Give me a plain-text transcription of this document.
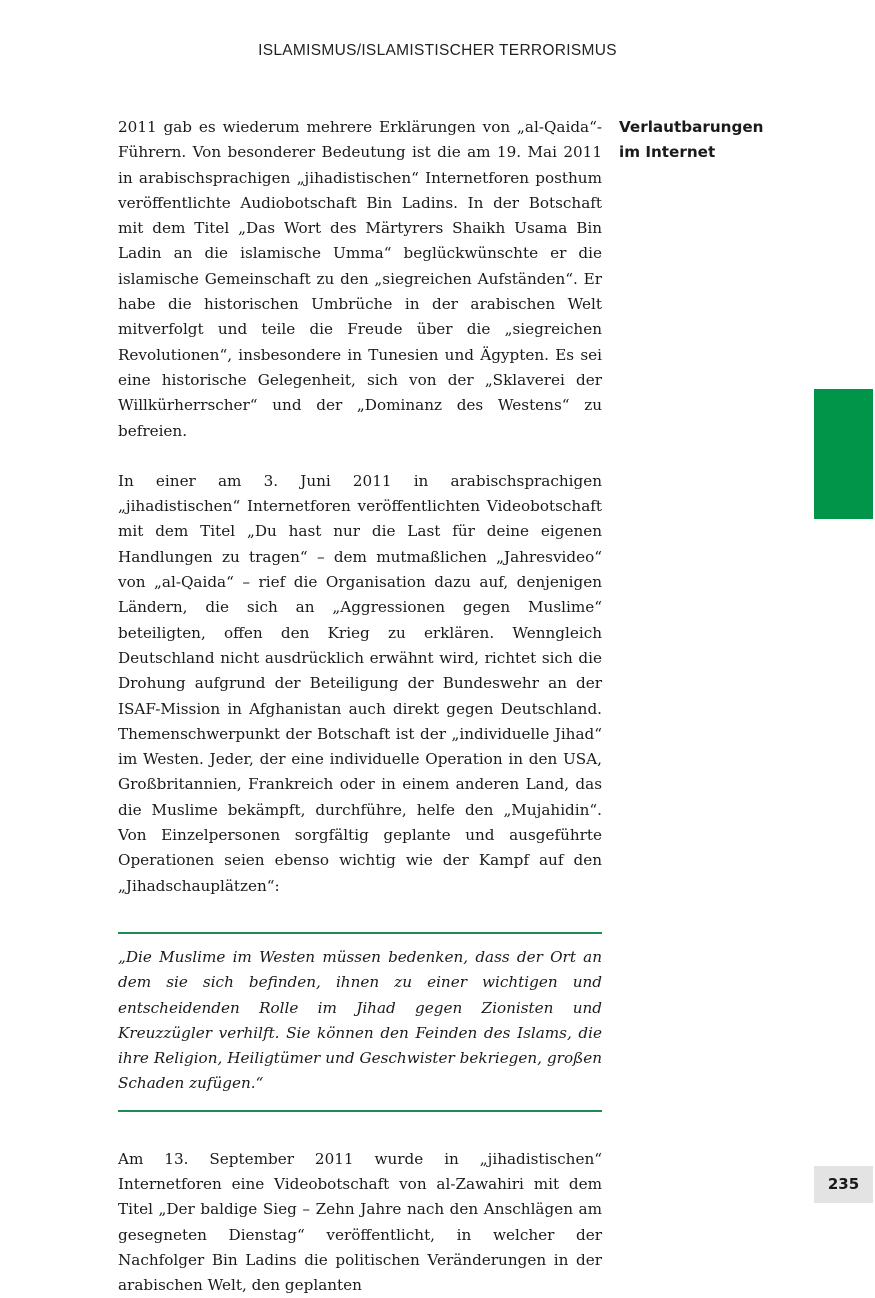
ISLAMISMUS/ISLAMISTISCHER TERRORISMUS

2011 gab es wiederum mehrere Erklärungen von „al-Qaida“-Führern. Von besonderer Bedeutung ist die am 19. Mai 2011 in arabischsprachigen „jihadistischen“ Internetforen posthum veröffentlichte Audiobotschaft Bin Ladins. In der Botschaft mit dem Titel „Das Wort des Märtyrers Shaikh Usama Bin Ladin an die islamische Umma“ beglückwünschte er die islamische Gemeinschaft zu den „siegreichen Aufständen“. Er habe die historischen Umbrüche in der arabischen Welt mitverfolgt und teile die Freude über die „siegreichen Revolutionen“, insbesondere in Tunesien und Ägypten. Es sei eine historische Gelegenheit, sich von der „Sklaverei der Willkürherrscher“ und der „Dominanz des Westens“ zu befreien.

In einer am 3. Juni 2011 in arabischsprachigen „jihadistischen“ Internetforen veröffentlichten Videobotschaft mit dem Titel „Du hast nur die Last für deine eigenen Handlungen zu tragen“ – dem mutmaßlichen „Jahresvideo“ von „al-Qaida“ – rief die Organisation dazu auf, denjenigen Ländern, die sich an „Aggressionen gegen Muslime“ beteiligten, offen den Krieg zu erklären. Wenngleich Deutschland nicht ausdrücklich erwähnt wird, richtet sich die Drohung aufgrund der Beteiligung der Bundeswehr an der ISAF-Mission in Afghanistan auch direkt gegen Deutschland. Themenschwerpunkt der Botschaft ist der „individuelle Jihad“ im Westen. Jeder, der eine individuelle Operation in den USA, Großbritannien, Frankreich oder in einem anderen Land, das die Muslime bekämpft, durchführe, helfe den „Mujahidin“. Von Einzelpersonen sorgfältig geplante und ausgeführte Operationen seien ebenso wichtig wie der Kampf auf den „Jihadschauplätzen“:

„Die Muslime im Westen müssen bedenken, dass der Ort an dem sie sich befinden, ihnen zu einer wichtigen und entscheidenden Rolle im Jihad gegen Zionisten und Kreuzzügler verhilft. Sie können den Feinden des Islams, die ihre Religion, Heiligtümer und Geschwister bekriegen, großen Schaden zufügen.“

Am 13. September 2011 wurde in „jihadistischen“ Internetforen eine Videobotschaft von al-Zawahiri mit dem Titel „Der baldige Sieg – Zehn Jahre nach den Anschlägen am gesegneten Dienstag“ veröffentlicht, in welcher der Nachfolger Bin Ladins die politischen Veränderungen in der arabischen Welt, den geplanten

Verlautbarungen
im Internet
235
